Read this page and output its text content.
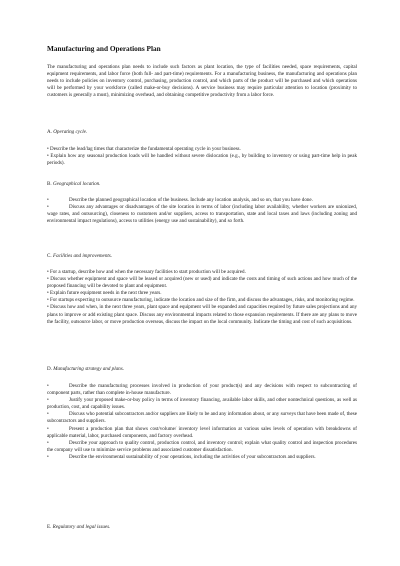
Manufacturing and Operations Plan

The manufacturing and operations plan needs to include such factors as plant location, the type of facilities needed, space requirements, capital equipment requirements, and labor force (both full- and part-time) requirements. For a manufacturing business, the manufacturing and operations plan needs to include policies on inventory control, purchasing, production control, and which parts of the product will be purchased and which operations will be performed by your workforce (called make-or-buy decisions). A service business may require particular attention to location (proximity to customers is generally a must), minimizing overhead, and obtaining competitive productivity from a labor force.

A. Operating cycle.

• Describe the lead/lag times that characterize the fundamental operating cycle in your business.

• Explain how any seasonal production loads will be handled without severe dislocation (e.g., by building to inventory or using part-time help in peak periods).

B. Geographical location.

•	Describe the planned geographical location of the business. Include any location analysis, and so on, that you have done.

•	Discuss any advantages or disadvantages of the site location in terms of labor (including labor availability, whether workers are unionized, wage rates, and outsourcing), closeness to customers and/or suppliers, access to transportation, state and local taxes and laws (including zoning and environmental impact regulations), access to utilities (energy use and sustainability), and so forth.

C. Facilities and improvements.

• For a startup, describe how and when the necessary facilities to start production will be acquired.

• Discuss whether equipment and space will be leased or acquired (new or used) and indicate the costs and timing of such actions and how much of the proposed financing will be devoted to plant and equipment.

• Explain future equipment needs in the next three years.

• For startups expecting to outsource manufacturing, indicate the location and size of the firm, and discuss the advantages, risks, and monitoring regime.

• Discuss how and when, in the next three years, plant space and equipment will be expanded and capacities required by future sales projections and any plans to improve or add existing plant space. Discuss any environmental impacts related to those expansion requirements. If there are any plans to move the facility, outsource labor, or move production overseas, discuss the impact on the local community. Indicate the timing and cost of such acquisitions.

D. Manufacturing strategy and plans.

•	Describe the manufacturing processes involved in production of your product(s) and any decisions with respect to subcontracting of component parts, rather than complete in-house manufacture.

•	Justify your proposed make-or-buy policy in terms of inventory financing, available labor skills, and other nontechnical questions, as well as production, cost, and capability issues.

•	Discuss who potential subcontractors and/or suppliers are likely to be and any information about, or any surveys that have been made of, these subcontractors and suppliers.

•	Present a production plan that shows cost/volume/ inventory level information at various sales levels of operation with breakdowns of applicable material, labor, purchased components, and factory overhead.

•	Describe your approach to quality control, production control, and inventory control; explain what quality control and inspection procedures the company will use to minimize service problems and associated customer dissatisfaction.

•	Describe the environmental sustainability of your operations, including the activities of your subcontractors and suppliers.

E. Regulatory and legal issues.
